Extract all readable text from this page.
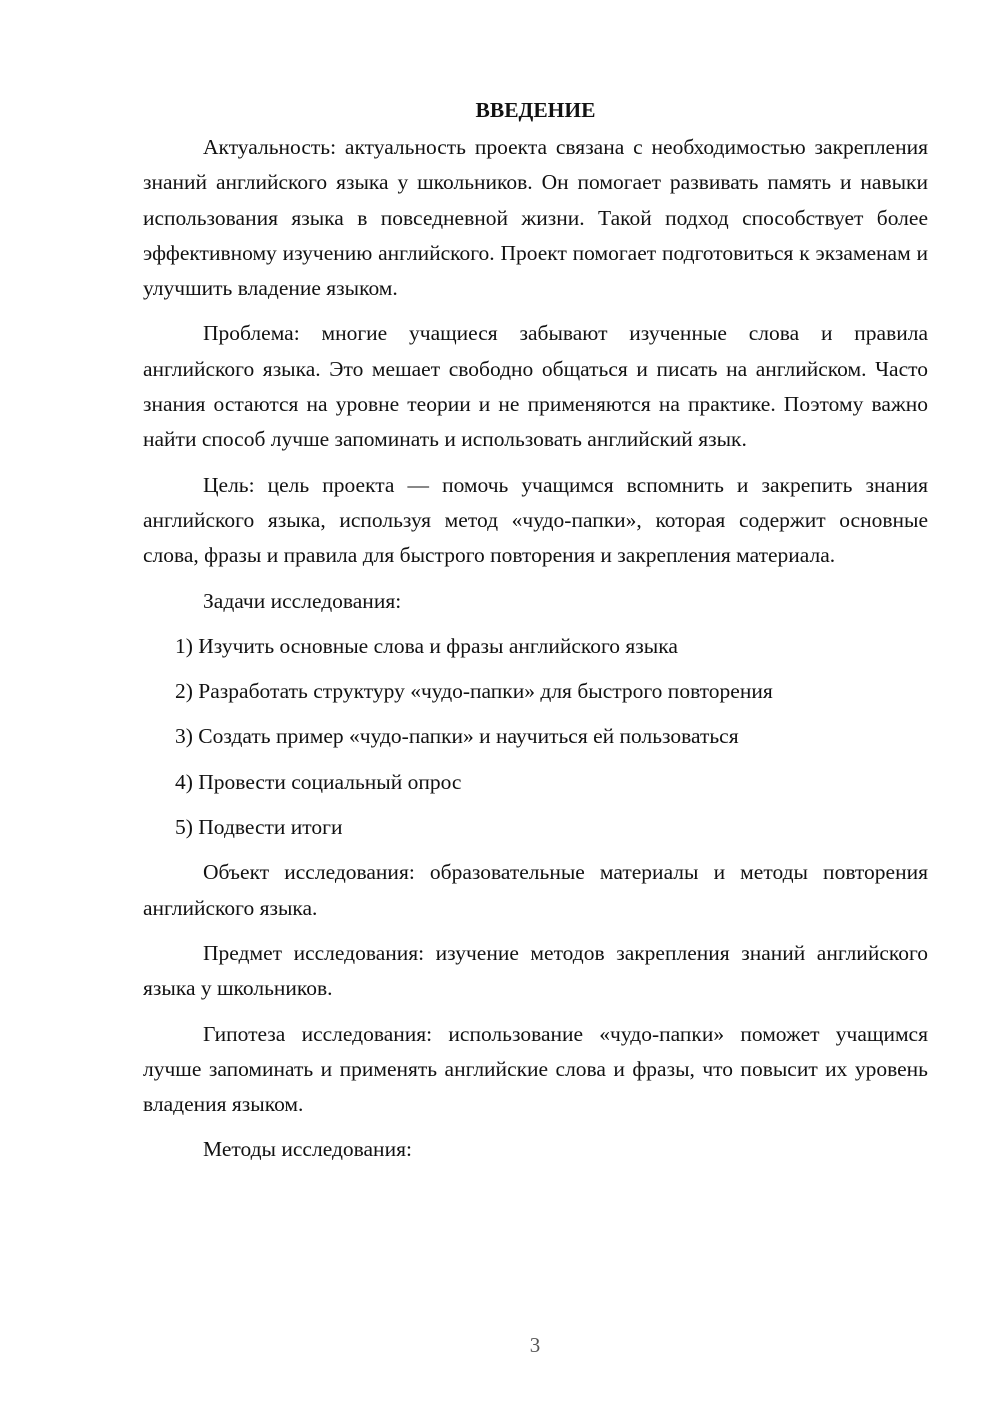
ВВЕДЕНИЕ

Актуальность: актуальность проекта связана с необходимостью закрепления знаний английского языка у школьников. Он помогает развивать память и навыки использования языка в повседневной жизни. Такой подход способствует более эффективному изучению английского. Проект помогает подготовиться к экзаменам и улучшить владение языком.

Проблема: многие учащиеся забывают изученные слова и правила английского языка. Это мешает свободно общаться и писать на английском. Часто знания остаются на уровне теории и не применяются на практике. Поэтому важно найти способ лучше запоминать и использовать английский язык.

Цель: цель проекта — помочь учащимся вспомнить и закрепить знания английского языка, используя метод «чудо-папки», которая содержит основные слова, фразы и правила для быстрого повторения и закрепления материала.

Задачи исследования:

1) Изучить основные слова и фразы английского языка
2) Разработать структуру «чудо-папки» для быстрого повторения
3) Создать пример «чудо-папки» и научиться ей пользоваться
4) Провести социальный опрос
5) Подвести итоги

Объект исследования: образовательные материалы и методы повторения английского языка.

Предмет исследования: изучение методов закрепления знаний английского языка у школьников.

Гипотеза исследования: использование «чудо-папки» поможет учащимся лучше запоминать и применять английские слова и фразы, что повысит их уровень владения языком.

Методы исследования:

3
